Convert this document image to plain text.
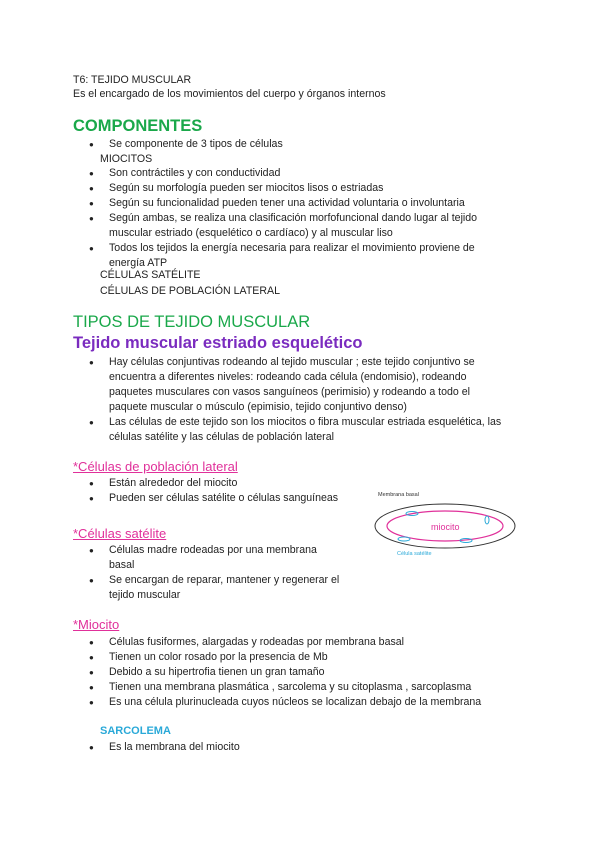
T6: TEJIDO MUSCULAR
Es el encargado de los movimientos del cuerpo y órganos internos
COMPONENTES
● Se componente de 3 tipos de células
MIOCITOS
● Son contráctiles y con conductividad
● Según su morfología pueden ser miocitos lisos o estriadas
● Según su funcionalidad pueden tener una actividad voluntaria o involuntaria
● Según ambas, se realiza una clasificación morfofuncional dando lugar al tejido
muscular estriado (esquelético o cardíaco) y al muscular liso
● Todos los tejidos la energía necesaria para realizar el movimiento proviene de
energía ATP
CÉLULAS SATÉLITE
CÉLULAS DE POBLACIÓN LATERAL
TIPOS DE TEJIDO MUSCULAR
Tejido muscular estriado esquelético
● Hay células conjuntivas rodeando al tejido muscular ; este tejido conjuntivo se
encuentra a diferentes niveles: rodeando cada célula (endomisio), rodeando
paquetes musculares con vasos sanguíneos (perimisio) y rodeando a todo el
paquete muscular o músculo (epimisio, tejido conjuntivo denso)
● Las células de este tejido son los miocitos o fibra muscular estriada esquelética, las
células satélite y las células de población lateral
*Células de población lateral
● Están alrededor del miocito
● Pueden ser células satélite o células sanguíneas
*Células satélite
● Células madre rodeadas por una membrana
basal
● Se encargan de reparar, mantener y regenerar el
tejido muscular
Membrana basal
miocito
Célula satélite
*Miocito
● Células fusiformes, alargadas y rodeadas por membrana basal
● Tienen un color rosado por la presencia de Mb
● Debido a su hipertrofia tienen un gran tamaño
● Tienen una membrana plasmática , sarcolema y su citoplasma , sarcoplasma
● Es una célula plurinucleada cuyos núcleos se localizan debajo de la membrana
SARCOLEMA
● Es la membrana del miocito
